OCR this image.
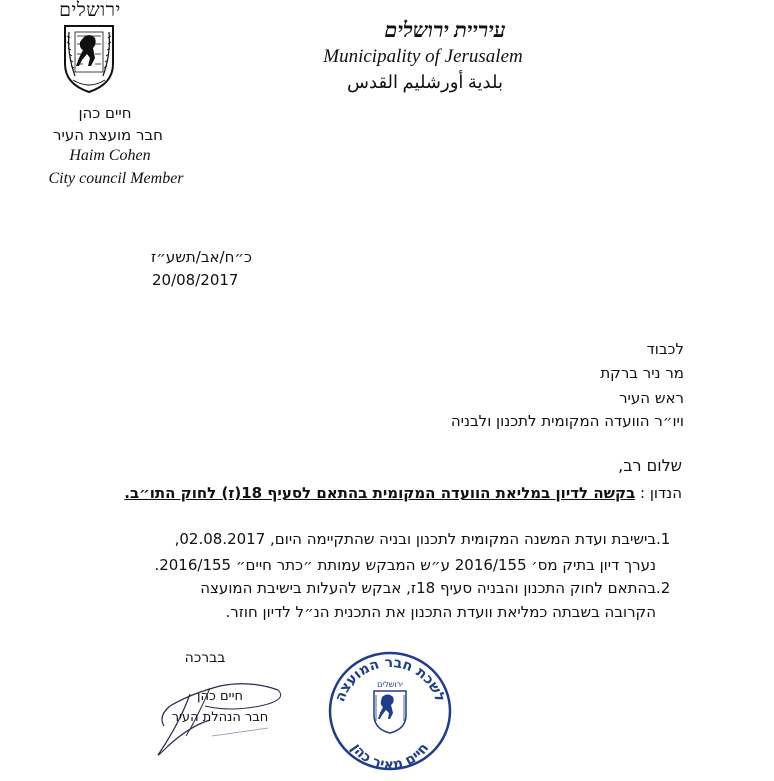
ירושלים
חיים כהן
חבר מועצת העיר
Haim Cohen
City council Member
עיריית ירושלים
Municipality of Jerusalem
بلدية أورشليم القدس
כ״ח/אב/תשע״ז
20/08/2017
לכבוד
מר ניר ברקת
ראש העיר
ויו״ר הוועדה המקומית לתכנון ולבניה
שלום רב,
הנדון : בקשה לדיון במליאת הוועדה המקומית בהתאם לסעיף 18(ז) לחוק התו״ב.
1.בישיבת ועדת המשנה המקומית לתכנון ובניה שהתקיימה היום, 02.08.2017,
נערך דיון בתיק מס׳ 2016/155 ע״ש המבקש עמותת ״כתר חיים״ 2016/155.
2.בהתאם לחוק התכנון והבניה סעיף 18ז, אבקש להעלות בישיבת המועצה
הקרובה בשבתה כמליאת וועדת התכנון את התכנית הנ״ל לדיון חוזר.
בברכה
חיים כהן
חבר הנהלת העיר
לשכת חבר המועצה
חיים מאיר כהן
ירושלים
